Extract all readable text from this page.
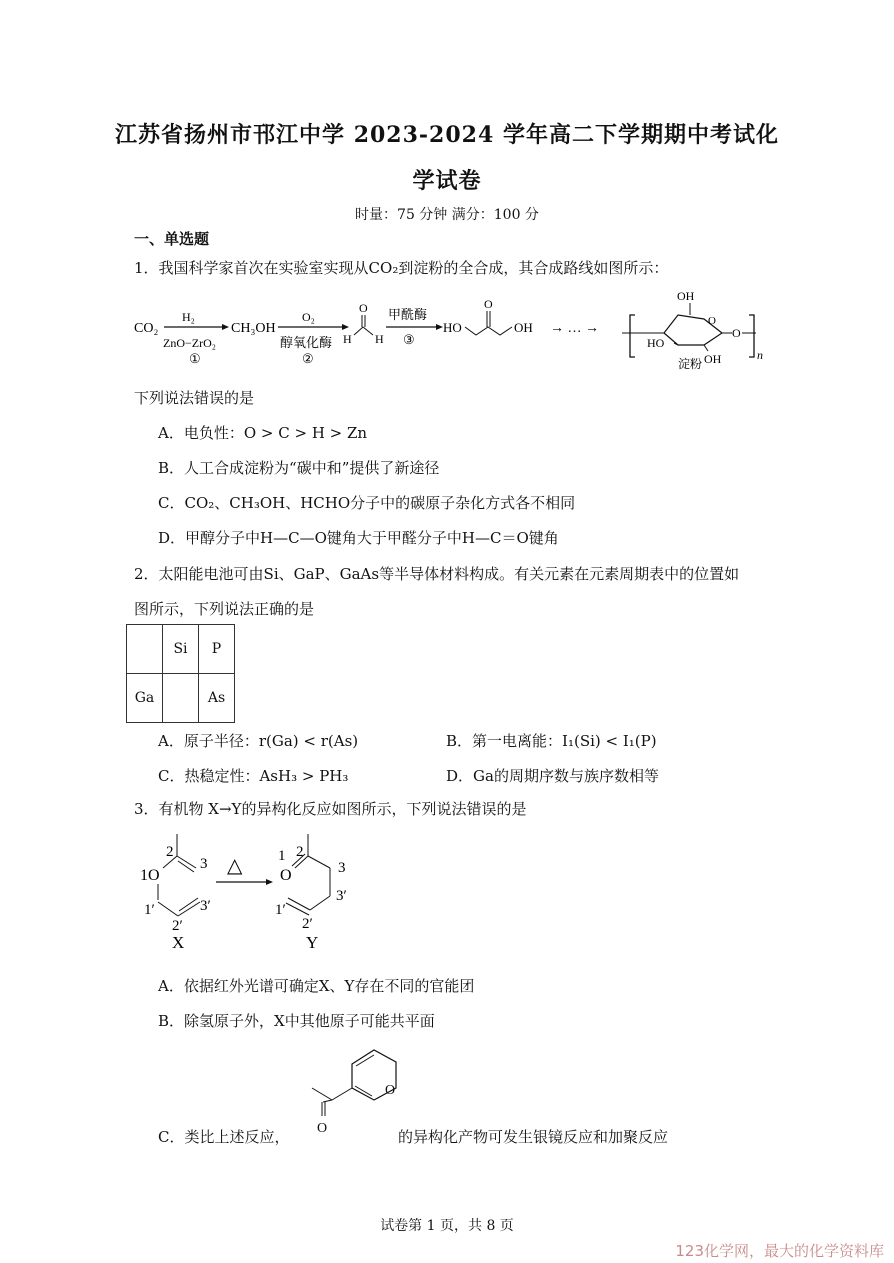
江苏省扬州市邗江中学 2023-2024 学年高二下学期期中考试化
学试卷
时量：75 分钟 满分：100 分
一、单选题
1．我国科学家首次在实验室实现从CO₂到淀粉的全合成，其合成路线如图所示：
CO₂
H₂
ZnO−ZrO₂
①
CH₃OH
O₂
醇氧化酶
②
O
H H
甲酰酶
③
HO
O
OH → … →
OH
O
HO
OH
O
n
淀粉
下列说法错误的是
A．电负性：O > C > H > Zn
B．人工合成淀粉为“碳中和”提供了新途径
C．CO₂、CH₃OH、HCHO分子中的碳原子杂化方式各不相同
D．甲醇分子中H—C—O键角大于甲醛分子中H—C＝O键角
2．太阳能电池可由Si、GaP、GaAs等半导体材料构成。有关元素在元素周期表中的位置如
图所示，下列说法正确的是
	Si	P
Ga		As
A．原子半径：r(Ga) < r(As)	B．第一电离能：I₁(Si) < I₁(P)
C．热稳定性：AsH₃ > PH₃	D．Ga的周期序数与族序数相等
3．有机物 X→Y的异构化反应如图所示，下列说法错误的是
1O
2
3
1′	3′
2′
X
△ 1
O
2
3
3′
1′
2′
Y
A．依据红外光谱可确定X、Y存在不同的官能团
B．除氢原子外，X中其他原子可能共平面
C．类比上述反应，
O
O	的异构化产物可发生银镜反应和加聚反应
试卷第 1 页，共 8 页
123化学网，最大的化学资料库
